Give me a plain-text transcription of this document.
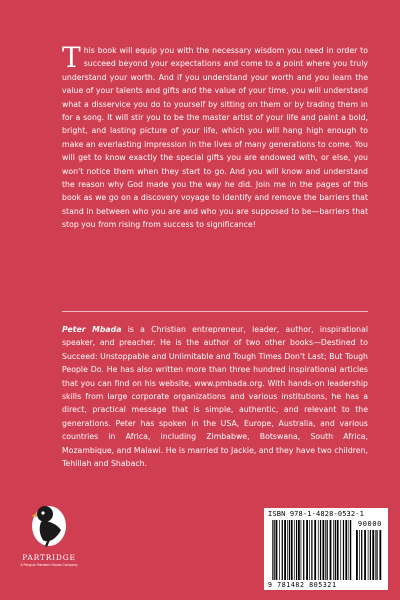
This book will equip you with the necessary wisdom you need in order to succeed beyond your expectations and come to a point where you truly understand your worth. And if you understand your worth and you learn the value of your talents and gifts and the value of your time, you will understand what a disservice you do to yourself by sitting on them or by trading them in for a song. It will stir you to be the master artist of your life and paint a bold, bright, and lasting picture of your life, which you will hang high enough to make an everlasting impression in the lives of many generations to come. You will get to know exactly the special gifts you are endowed with, or else, you won't notice them when they start to go. And you will know and understand the reason why God made you the way he did. Join me in the pages of this book as we go on a discovery voyage to identify and remove the barriers that stand in between who you are and who you are supposed to be—barriers that stop you from rising from success to significance!
Peter Mbada is a Christian entrepreneur, leader, author, inspirational speaker, and preacher. He is the author of two other books—Destined to Succeed: Unstoppable and Unlimitable and Tough Times Don't Last; But Tough People Do. He has also written more than three hundred inspirational articles that you can find on his website, www.pmbada.org. With hands-on leadership skills from large corporate organizations and various institutions, he has a direct, practical message that is simple, authentic, and relevant to the generations. Peter has spoken in the USA, Europe, Australia, and various countries in Africa, including Zimbabwe, Botswana, South Africa, Mozambique, and Malawi. He is married to Jackie, and they have two children, Tehillah and Shabach.
PARTRIDGE
A Penguin Random House Company
ISBN 978-1-4828-0532-1
90000
9 781482 805321
